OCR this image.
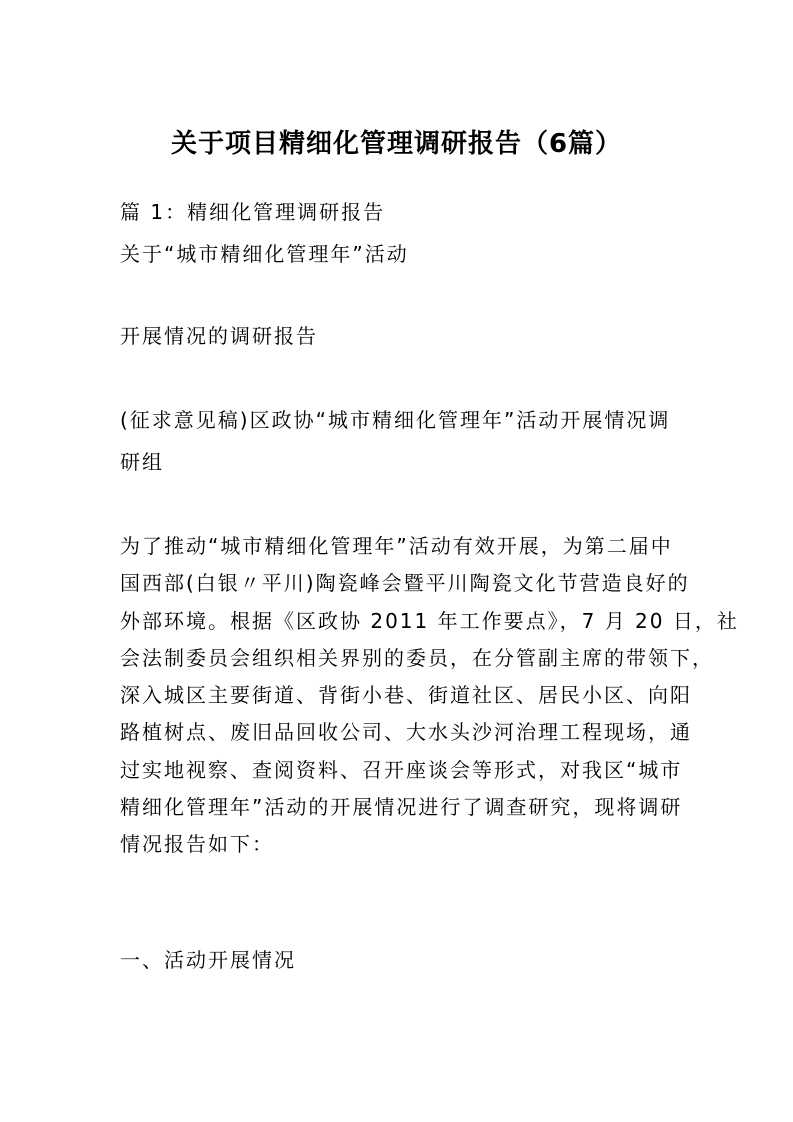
关于项目精细化管理调研报告（6篇）

篇 1：精细化管理调研报告

关于“城市精细化管理年”活动

开展情况的调研报告

(征求意见稿)区政协“城市精细化管理年”活动开展情况调

研组

为了推动“城市精细化管理年”活动有效开展，为第二届中
国西部(白银〃平川)陶瓷峰会暨平川陶瓷文化节营造良好的
外部环境。根据《区政协 2011 年工作要点》，7 月 20 日，社
会法制委员会组织相关界别的委员，在分管副主席的带领下，
深入城区主要街道、背街小巷、街道社区、居民小区、向阳
路植树点、废旧品回收公司、大水头沙河治理工程现场，通
过实地视察、查阅资料、召开座谈会等形式，对我区“城市
精细化管理年”活动的开展情况进行了调查研究，现将调研
情况报告如下：

一、活动开展情况
